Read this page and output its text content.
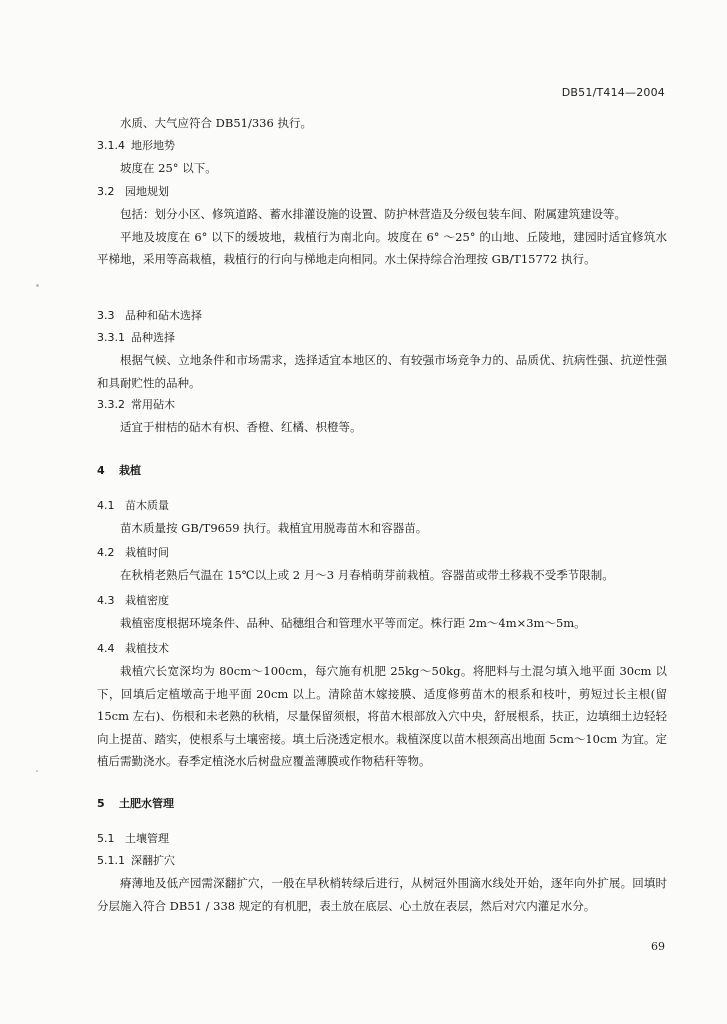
DB51/T414—2004

水质、大气应符合 DB51/336 执行。

3.1.4 地形地势

坡度在 25° 以下。

3.2 园地规划

包括：划分小区、修筑道路、蓄水排灌设施的设置、防护林营造及分级包装车间、附属建筑建设等。

平地及坡度在 6° 以下的缓坡地，栽植行为南北向。坡度在 6° ～25° 的山地、丘陵地，建园时适宜修筑水平梯地，采用等高栽植，栽植行的行向与梯地走向相同。水土保持综合治理按 GB/T15772 执行。

3.3 品种和砧木选择
3.3.1 品种选择

根据气候、立地条件和市场需求，选择适宜本地区的、有较强市场竞争力的、品质优、抗病性强、抗逆性强和具耐贮性的品种。

3.3.2 常用砧木

适宜于柑桔的砧木有枳、香橙、红橘、枳橙等。

4 栽植
4.1 苗木质量

苗木质量按 GB/T9659 执行。栽植宜用脱毒苗木和容器苗。

4.2 栽植时间

在秋梢老熟后气温在 15℃以上或 2 月～3 月春梢萌芽前栽植。容器苗或带土移栽不受季节限制。

4.3 栽植密度

栽植密度根据环境条件、品种、砧穗组合和管理水平等而定。株行距 2m～4m×3m～5m。

4.4 栽植技术

栽植穴长宽深均为 80cm～100cm，每穴施有机肥 25kg～50kg。将肥料与土混匀填入地平面 30cm 以下，回填后定植墩高于地平面 20cm 以上。清除苗木嫁接膜、适度修剪苗木的根系和枝叶，剪短过长主根(留 15cm 左右)、伤根和未老熟的秋梢，尽量保留须根，将苗木根部放入穴中央，舒展根系，扶正，边填细土边轻轻向上提苗、踏实，使根系与土壤密接。填土后浇透定根水。栽植深度以苗木根颈高出地面 5cm～10cm 为宜。定植后需勤浇水。春季定植浇水后树盘应覆盖薄膜或作物秸秆等物。

5 土肥水管理
5.1 土壤管理
5.1.1 深翻扩穴

瘠薄地及低产园需深翻扩穴，一般在早秋梢转绿后进行，从树冠外围滴水线处开始，逐年向外扩展。回填时分层施入符合 DB51 / 338 规定的有机肥，表土放在底层、心土放在表层，然后对穴内灌足水分。

69
